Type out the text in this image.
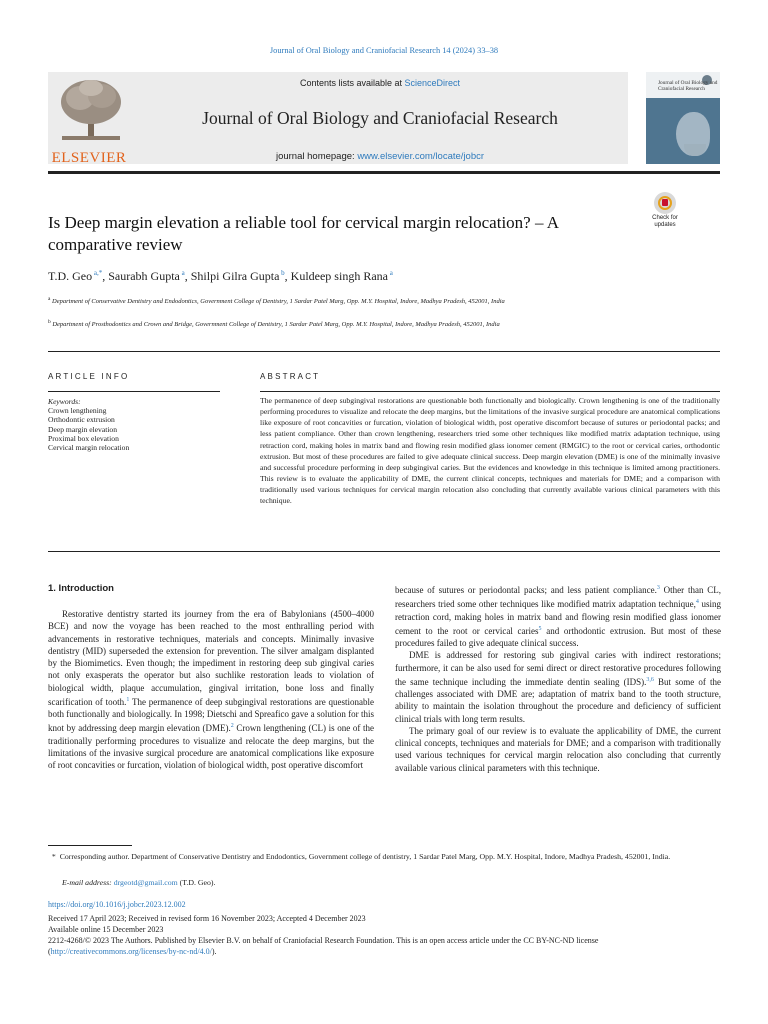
Journal of Oral Biology and Craniofacial Research 14 (2024) 33–38
ELSEVIER
Contents lists available at ScienceDirect
Journal of Oral Biology and Craniofacial Research
journal homepage: www.elsevier.com/locate/jobcr
Journal of Oral Biology and Craniofacial Research
Is Deep margin elevation a reliable tool for cervical margin relocation? – A comparative review
Check for updates
T.D. Geo $^{a,*}$, Saurabh Gupta $^a$, Shilpi Gilra Gupta $^b$, Kuldeep singh Rana $^a$
$^a$ Department of Conservative Dentistry and Endodontics, Government College of Dentistry, 1 Sardar Patel Marg, Opp. M.Y. Hospital, Indore, Madhya Pradesh, 452001, India
$^b$ Department of Prosthodontics and Crown and Bridge, Government College of Dentistry, 1 Sardar Patel Marg, Opp. M.Y. Hospital, Indore, Madhya Pradesh, 452001, India
ARTICLE INFO
Keywords:
Crown lengthening
Orthodontic extrusion
Deep margin elevation
Proximal box elevation
Cervical margin relocation
ABSTRACT
The permanence of deep subgingival restorations are questionable both functionally and biologically. Crown lengthening is one of the traditionally performing procedures to visualize and relocate the deep margins, but the limitations of the invasive surgical procedure are anatomical complications like exposure of root concavities or furcation, violation of biological width, post operative discomfort because of sutures or periodontal packs; and less patient compliance. Other than crown lengthening, researchers tried some other techniques like modified matrix adaptation technique, using retraction cord, making holes in matrix band and flowing resin modified glass ionomer cement (RMGIC) to the root or cervical caries, orthodontic extrusion. But most of these procedures are failed to give adequate clinical success. Deep margin elevation (DME) is one of the minimally invasive and successful procedure performing in deep subgingival caries. But the evidences and knowledge in this technique is limited among practitioners. This review is to evaluate the applicability of DME, the current clinical concepts, techniques and materials for DME; and a comparison with traditionally used various techniques for cervical margin relocation also concluding that currently available various clinical parameters with this technique.
1. Introduction

Restorative dentistry started its journey from the era of Babylonians (4500–4000 BCE) and now the voyage has been reached to the most enthralling period with advancements in restorative techniques, materials and concepts. Minimally invasive dentistry (MID) superseded the extension for prevention. The silver amalgam displanted by the Biomimetics. Even though; the impediment in restoring deep sub gingival caries not only exasperats the operator but also suchlike restoration leads to violation of biological width, plaque accumulation, gingival irritation, bone loss and finally scarification of tooth.$^1$ The permanence of deep subgingival restorations are questionable both functionally and biologically. In 1998; Dietschi and Spreafico gave a solution for this knot by addressing deep margin elevation (DME).$^2$ Crown lengthening (CL) is one of the traditionally performing procedures to visualize and relocate the deep margins, but the limitations of the invasive surgical procedure are anatomical complications like exposure of root concavities or furcation, violation of biological width, post operative discomfort

because of sutures or periodontal packs; and less patient compliance.$^3$ Other than CL, researchers tried some other techniques like modified matrix adaptation technique,$^4$ using retraction cord, making holes in matrix band and flowing resin modified glass ionomer cement to the root or cervical caries$^5$ and orthodontic extrusion. But most of these procedures failed to give adequate clinical success.

DME is addressed for restoring sub gingival caries with indirect restorations; furthermore, it can be also used for semi direct or direct restorative procedures following the same technique including the immediate dentin sealing (IDS).$^{3,6}$ But some of the challenges associated with DME are; adaptation of matrix band to the tooth structure, ability to maintain the isolation throughout the procedure and deficiency of sufficient clinical trials with long term results.

The primary goal of our review is to evaluate the applicability of DME, the current clinical concepts, techniques and materials for DME; and a comparison with traditionally used various techniques for cervical margin relocation also concluding that currently available various clinical parameters with this technique.

*  Corresponding author. Department of Conservative Dentistry and Endodontics, Government college of dentistry, 1 Sardar Patel Marg, Opp. M.Y. Hospital, Indore, Madhya Pradesh, 452001, India.
E-mail address: drgeotd@gmail.com (T.D. Geo).
https://doi.org/10.1016/j.jobcr.2023.12.002
Received 17 April 2023; Received in revised form 16 November 2023; Accepted 4 December 2023
Available online 15 December 2023
2212-4268/© 2023 The Authors. Published by Elsevier B.V. on behalf of Craniofacial Research Foundation. This is an open access article under the CC BY-NC-ND license (http://creativecommons.org/licenses/by-nc-nd/4.0/).
